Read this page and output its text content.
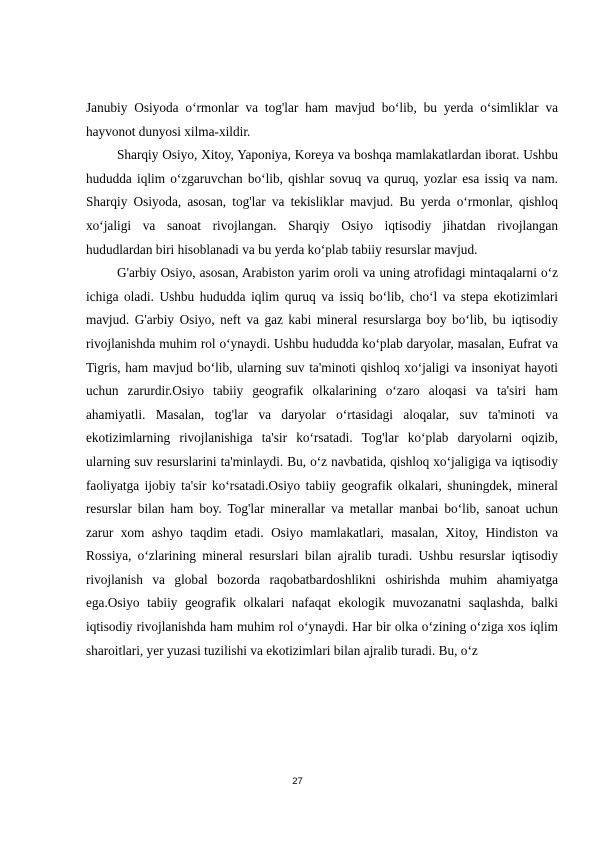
Janubiy Osiyoda o‘rmonlar va tog'lar ham mavjud bo‘lib, bu yerda o‘simliklar va hayvonot dunyosi xilma-xildir.

Sharqiy Osiyo, Xitoy, Yaponiya, Koreya va boshqa mamlakatlardan iborat. Ushbu hududda iqlim o‘zgaruvchan bo‘lib, qishlar sovuq va quruq, yozlar esa issiq va nam. Sharqiy Osiyoda, asosan, tog'lar va tekisliklar mavjud. Bu yerda o‘rmonlar, qishloq xo‘jaligi va sanoat rivojlangan. Sharqiy Osiyo iqtisodiy jihatdan rivojlangan hududlardan biri hisoblanadi va bu yerda ko‘plab tabiiy resurslar mavjud.

G'arbiy Osiyo, asosan, Arabiston yarim oroli va uning atrofidagi mintaqalarni o‘z ichiga oladi. Ushbu hududda iqlim quruq va issiq bo‘lib, cho‘l va stepa ekotizimlari mavjud. G'arbiy Osiyo, neft va gaz kabi mineral resurslarga boy bo‘lib, bu iqtisodiy rivojlanishda muhim rol o‘ynaydi. Ushbu hududda ko‘plab daryolar, masalan, Eufrat va Tigris, ham mavjud bo‘lib, ularning suv ta'minoti qishloq xo‘jaligi va insoniyat hayoti uchun zarurdir.Osiyo tabiiy geografik olkalarining o‘zaro aloqasi va ta'siri ham ahamiyatli. Masalan, tog'lar va daryolar o‘rtasidagi aloqalar, suv ta'minoti va ekotizimlarning rivojlanishiga ta'sir ko‘rsatadi. Tog'lar ko‘plab daryolarni oqizib, ularning suv resurslarini ta'minlaydi. Bu, o‘z navbatida, qishloq xo‘jaligiga va iqtisodiy faoliyatga ijobiy ta'sir ko‘rsatadi.Osiyo tabiiy geografik olkalari, shuningdek, mineral resurslar bilan ham boy. Tog'lar minerallar va metallar manbai bo‘lib, sanoat uchun zarur xom ashyo taqdim etadi. Osiyo mamlakatlari, masalan, Xitoy, Hindiston va Rossiya, o‘zlarining mineral resurslari bilan ajralib turadi. Ushbu resurslar iqtisodiy rivojlanish va global bozorda raqobatbardoshlikni oshirishda muhim ahamiyatga ega.Osiyo tabiiy geografik olkalari nafaqat ekologik muvozanatni saqlashda, balki iqtisodiy rivojlanishda ham muhim rol o‘ynaydi. Har bir olka o‘zining o‘ziga xos iqlim sharoitlari, yer yuzasi tuzilishi va ekotizimlari bilan ajralib turadi. Bu, o‘z

27
